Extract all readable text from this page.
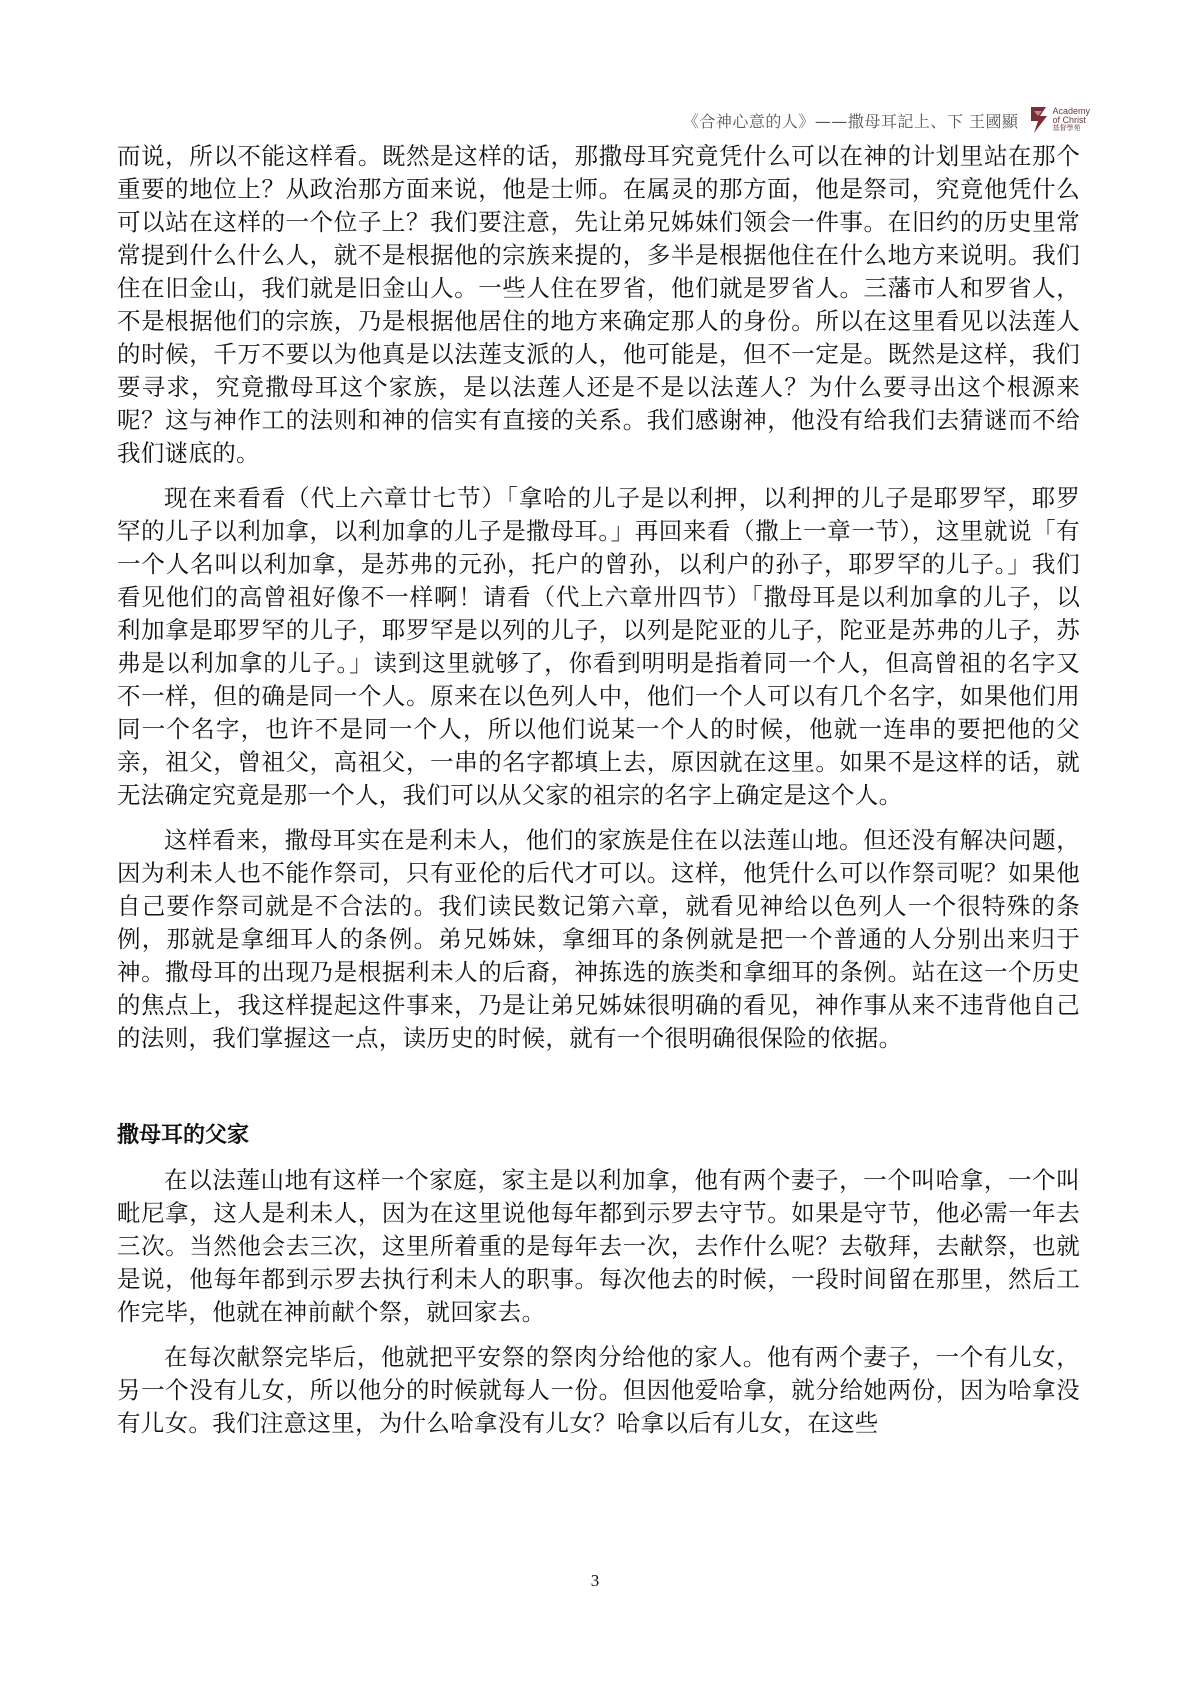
《合神心意的人》——撒母耳記上、下 王國顯
Academy
of Christ
基督學苑

而说，所以不能这样看。既然是这样的话，那撒母耳究竟凭什么可以在神的计划里站在那个重要的地位上？从政治那方面来说，他是士师。在属灵的那方面，他是祭司，究竟他凭什么可以站在这样的一个位子上？我们要注意，先让弟兄姊妹们领会一件事。在旧约的历史里常常提到什么什么人，就不是根据他的宗族来提的，多半是根据他住在什么地方来说明。我们住在旧金山，我们就是旧金山人。一些人住在罗省，他们就是罗省人。三藩市人和罗省人，不是根据他们的宗族，乃是根据他居住的地方来确定那人的身份。所以在这里看见以法莲人的时候，千万不要以为他真是以法莲支派的人，他可能是，但不一定是。既然是这样，我们要寻求，究竟撒母耳这个家族，是以法莲人还是不是以法莲人？为什么要寻出这个根源来呢？这与神作工的法则和神的信实有直接的关系。我们感谢神，他没有给我们去猜谜而不给我们谜底的。

现在来看看（代上六章廿七节）「拿哈的儿子是以利押，以利押的儿子是耶罗罕，耶罗罕的儿子以利加拿，以利加拿的儿子是撒母耳。」再回来看（撒上一章一节），这里就说「有一个人名叫以利加拿，是苏弗的元孙，托户的曾孙，以利户的孙子，耶罗罕的儿子。」我们看见他们的高曾祖好像不一样啊！请看（代上六章卅四节）「撒母耳是以利加拿的儿子，以利加拿是耶罗罕的儿子，耶罗罕是以列的儿子，以列是陀亚的儿子，陀亚是苏弗的儿子，苏弗是以利加拿的儿子。」读到这里就够了，你看到明明是指着同一个人，但高曾祖的名字又不一样，但的确是同一个人。原来在以色列人中，他们一个人可以有几个名字，如果他们用同一个名字，也许不是同一个人，所以他们说某一个人的时候，他就一连串的要把他的父亲，祖父，曾祖父，高祖父，一串的名字都填上去，原因就在这里。如果不是这样的话，就无法确定究竟是那一个人，我们可以从父家的祖宗的名字上确定是这个人。

这样看来，撒母耳实在是利未人，他们的家族是住在以法莲山地。但还没有解决问题，因为利未人也不能作祭司，只有亚伦的后代才可以。这样，他凭什么可以作祭司呢？如果他自己要作祭司就是不合法的。我们读民数记第六章，就看见神给以色列人一个很特殊的条例，那就是拿细耳人的条例。弟兄姊妹，拿细耳的条例就是把一个普通的人分别出来归于神。撒母耳的出现乃是根据利未人的后裔，神拣选的族类和拿细耳的条例。站在这一个历史的焦点上，我这样提起这件事来，乃是让弟兄姊妹很明确的看见，神作事从来不违背他自己的法则，我们掌握这一点，读历史的时候，就有一个很明确很保险的依据。

撒母耳的父家

在以法莲山地有这样一个家庭，家主是以利加拿，他有两个妻子，一个叫哈拿，一个叫毗尼拿，这人是利未人，因为在这里说他每年都到示罗去守节。如果是守节，他必需一年去三次。当然他会去三次，这里所着重的是每年去一次，去作什么呢？去敬拜，去献祭，也就是说，他每年都到示罗去执行利未人的职事。每次他去的时候，一段时间留在那里，然后工作完毕，他就在神前献个祭，就回家去。

在每次献祭完毕后，他就把平安祭的祭肉分给他的家人。他有两个妻子，一个有儿女，另一个没有儿女，所以他分的时候就每人一份。但因他爱哈拿，就分给她两份，因为哈拿没有儿女。我们注意这里，为什么哈拿没有儿女？哈拿以后有儿女，在这些

3
